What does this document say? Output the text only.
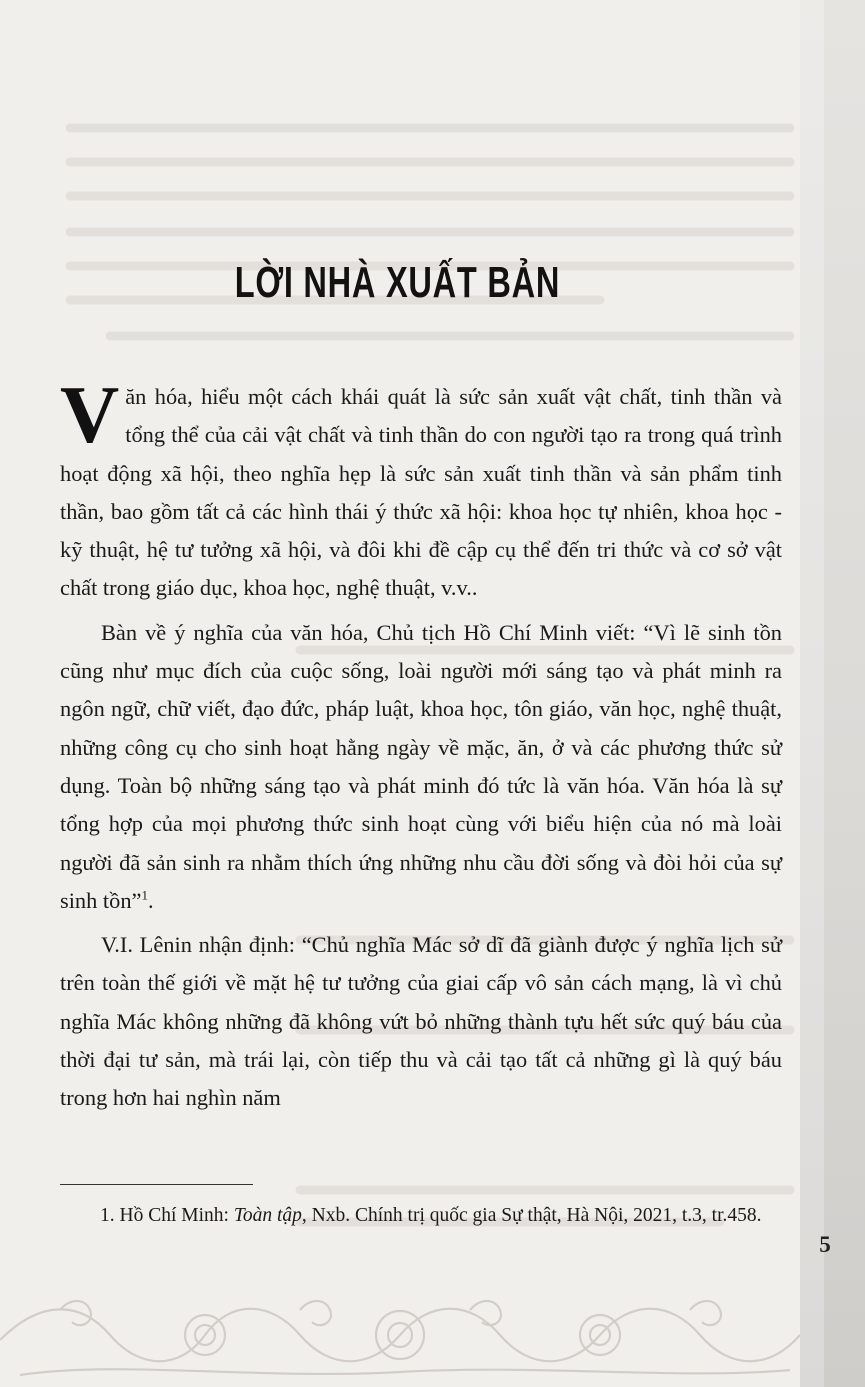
LỜI NHÀ XUẤT BẢN

Văn hóa, hiểu một cách khái quát là sức sản xuất vật chất, tinh thần và tổng thể của cải vật chất và tinh thần do con người tạo ra trong quá trình hoạt động xã hội, theo nghĩa hẹp là sức sản xuất tinh thần và sản phẩm tinh thần, bao gồm tất cả các hình thái ý thức xã hội: khoa học tự nhiên, khoa học - kỹ thuật, hệ tư tưởng xã hội, và đôi khi đề cập cụ thể đến tri thức và cơ sở vật chất trong giáo dục, khoa học, nghệ thuật, v.v..

Bàn về ý nghĩa của văn hóa, Chủ tịch Hồ Chí Minh viết: “Vì lẽ sinh tồn cũng như mục đích của cuộc sống, loài người mới sáng tạo và phát minh ra ngôn ngữ, chữ viết, đạo đức, pháp luật, khoa học, tôn giáo, văn học, nghệ thuật, những công cụ cho sinh hoạt hằng ngày về mặc, ăn, ở và các phương thức sử dụng. Toàn bộ những sáng tạo và phát minh đó tức là văn hóa. Văn hóa là sự tổng hợp của mọi phương thức sinh hoạt cùng với biểu hiện của nó mà loài người đã sản sinh ra nhằm thích ứng những nhu cầu đời sống và đòi hỏi của sự sinh tồn”$^1$.

V.I. Lênin nhận định: “Chủ nghĩa Mác sở dĩ đã giành được ý nghĩa lịch sử trên toàn thế giới về mặt hệ tư tưởng của giai cấp vô sản cách mạng, là vì chủ nghĩa Mác không những đã không vứt bỏ những thành tựu hết sức quý báu của thời đại tư sản, mà trái lại, còn tiếp thu và cải tạo tất cả những gì là quý báu trong hơn hai nghìn năm

1. Hồ Chí Minh: Toàn tập, Nxb. Chính trị quốc gia Sự thật, Hà Nội, 2021, t.3, tr.458.
5
